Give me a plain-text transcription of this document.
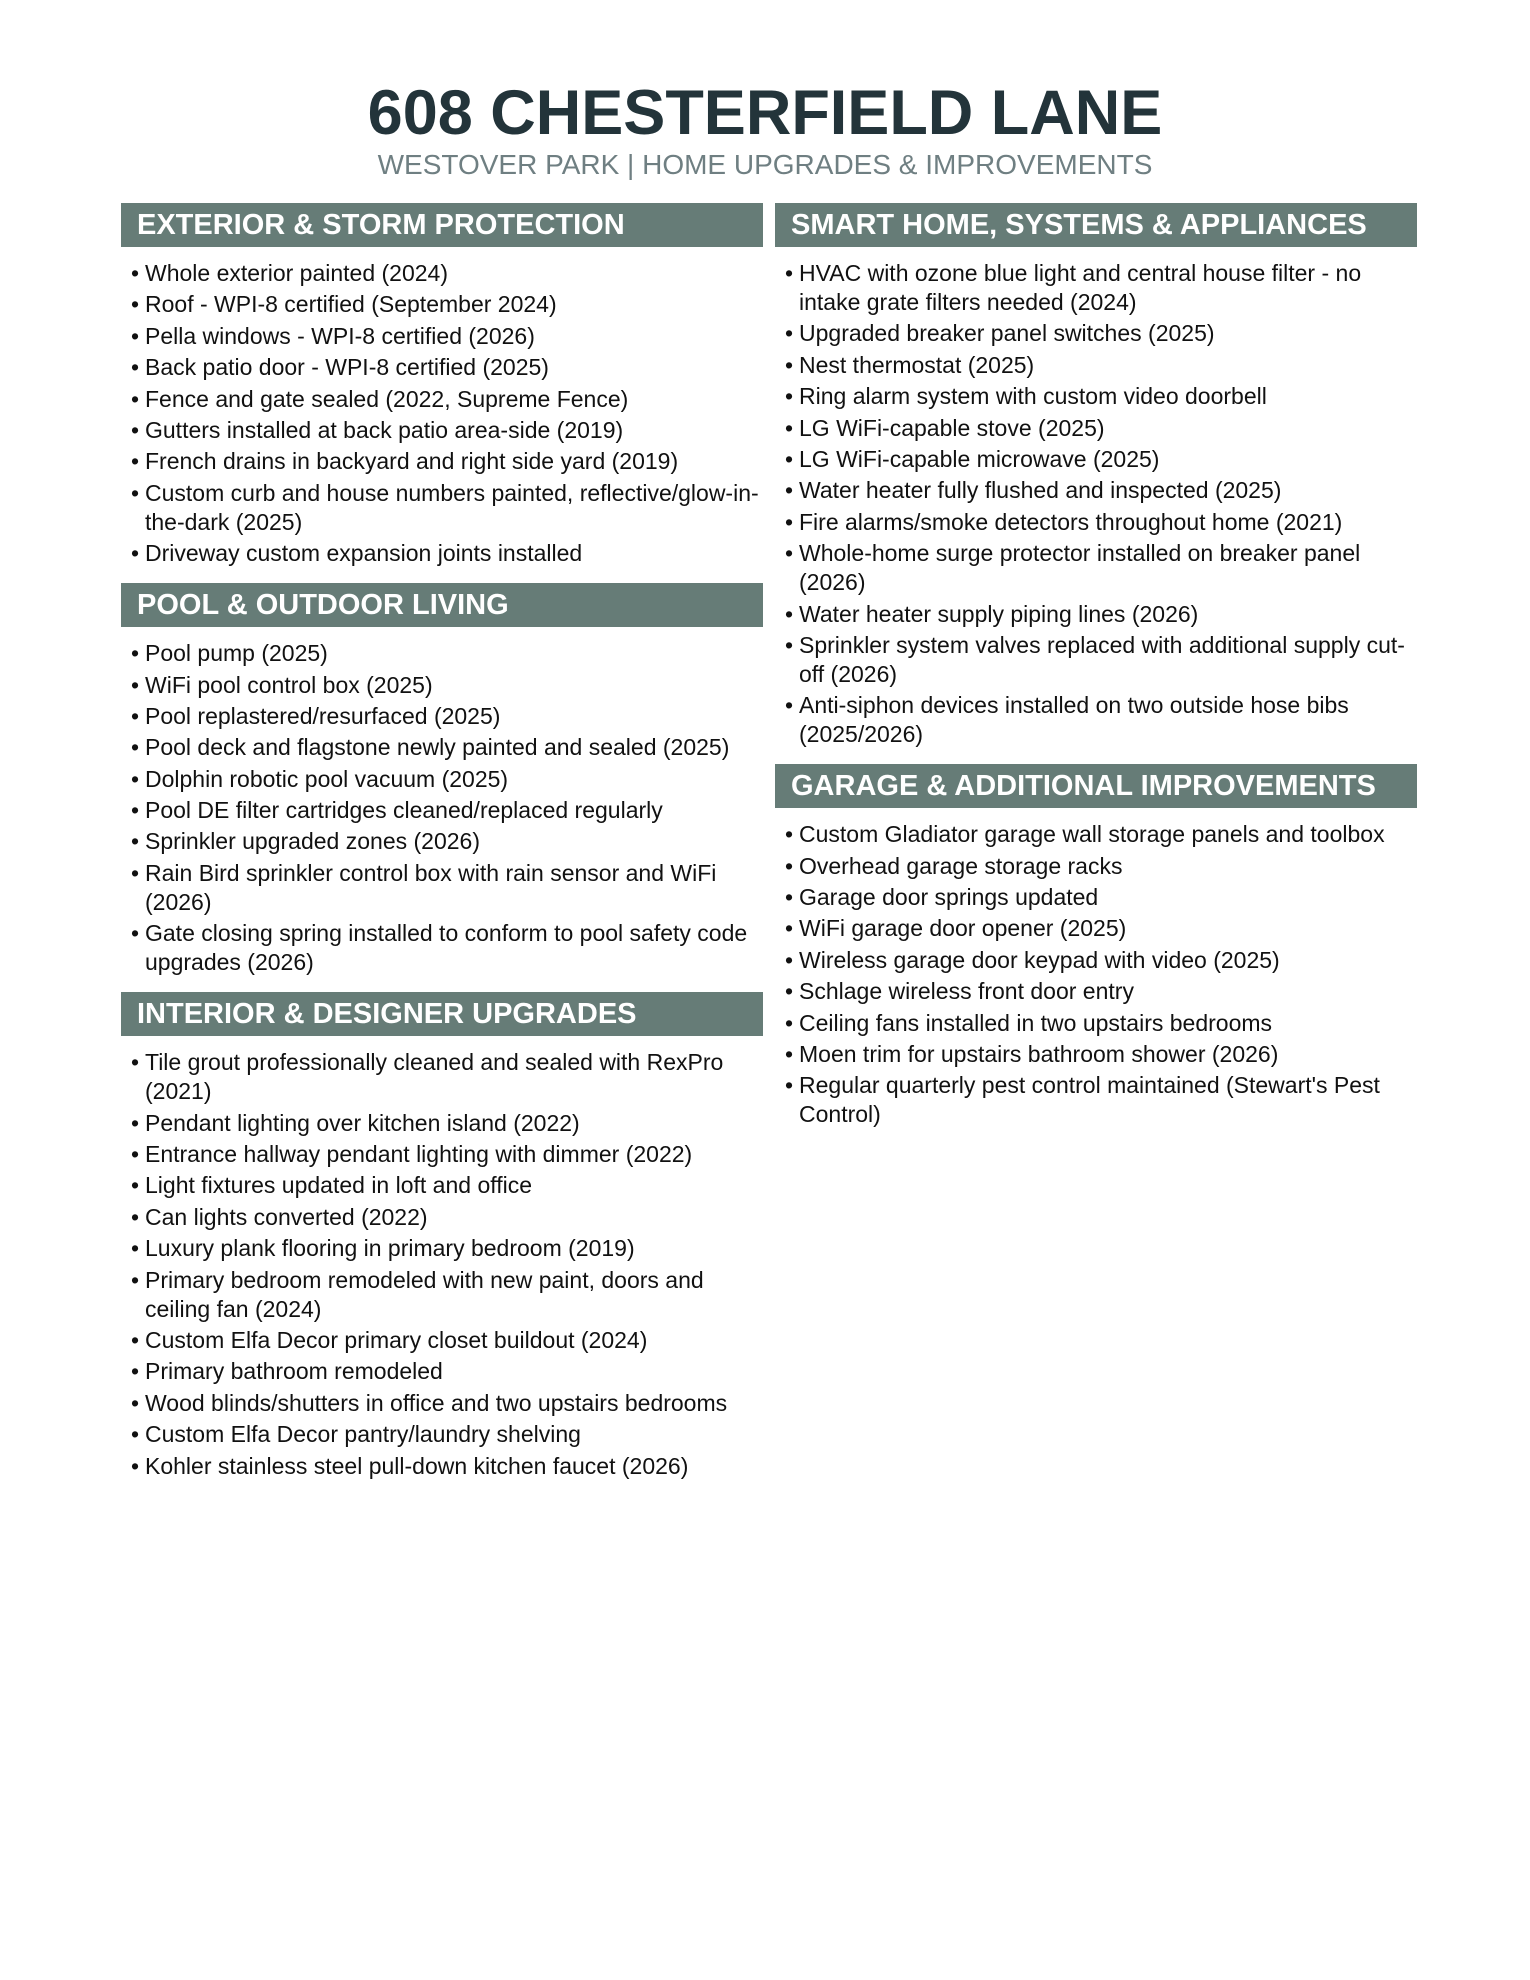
608 CHESTERFIELD LANE

WESTOVER PARK | HOME UPGRADES & IMPROVEMENTS

EXTERIOR & STORM PROTECTION
• Whole exterior painted (2024)
• Roof - WPI-8 certified (September 2024)
• Pella windows - WPI-8 certified (2026)
• Back patio door - WPI-8 certified (2025)
• Fence and gate sealed (2022, Supreme Fence)
• Gutters installed at back patio area-side (2019)
• French drains in backyard and right side yard (2019)
• Custom curb and house numbers painted, reflective/glow-in-the-dark (2025)
• Driveway custom expansion joints installed
POOL & OUTDOOR LIVING
• Pool pump (2025)
• WiFi pool control box (2025)
• Pool replastered/resurfaced (2025)
• Pool deck and flagstone newly painted and sealed (2025)
• Dolphin robotic pool vacuum (2025)
• Pool DE filter cartridges cleaned/replaced regularly
• Sprinkler upgraded zones (2026)
• Rain Bird sprinkler control box with rain sensor and WiFi (2026)
• Gate closing spring installed to conform to pool safety code upgrades (2026)
INTERIOR & DESIGNER UPGRADES
• Tile grout professionally cleaned and sealed with RexPro (2021)
• Pendant lighting over kitchen island (2022)
• Entrance hallway pendant lighting with dimmer (2022)
• Light fixtures updated in loft and office
• Can lights converted (2022)
• Luxury plank flooring in primary bedroom (2019)
• Primary bedroom remodeled with new paint, doors and ceiling fan (2024)
• Custom Elfa Decor primary closet buildout (2024)
• Primary bathroom remodeled
• Wood blinds/shutters in office and two upstairs bedrooms
• Custom Elfa Decor pantry/laundry shelving
• Kohler stainless steel pull-down kitchen faucet (2026)
SMART HOME, SYSTEMS & APPLIANCES
• HVAC with ozone blue light and central house filter - no intake grate filters needed (2024)
• Upgraded breaker panel switches (2025)
• Nest thermostat (2025)
• Ring alarm system with custom video doorbell
• LG WiFi-capable stove (2025)
• LG WiFi-capable microwave (2025)
• Water heater fully flushed and inspected (2025)
• Fire alarms/smoke detectors throughout home (2021)
• Whole-home surge protector installed on breaker panel (2026)
• Water heater supply piping lines (2026)
• Sprinkler system valves replaced with additional supply cut-off (2026)
• Anti-siphon devices installed on two outside hose bibs (2025/2026)
GARAGE & ADDITIONAL IMPROVEMENTS
• Custom Gladiator garage wall storage panels and toolbox
• Overhead garage storage racks
• Garage door springs updated
• WiFi garage door opener (2025)
• Wireless garage door keypad with video (2025)
• Schlage wireless front door entry
• Ceiling fans installed in two upstairs bedrooms
• Moen trim for upstairs bathroom shower (2026)
• Regular quarterly pest control maintained (Stewart's Pest Control)
